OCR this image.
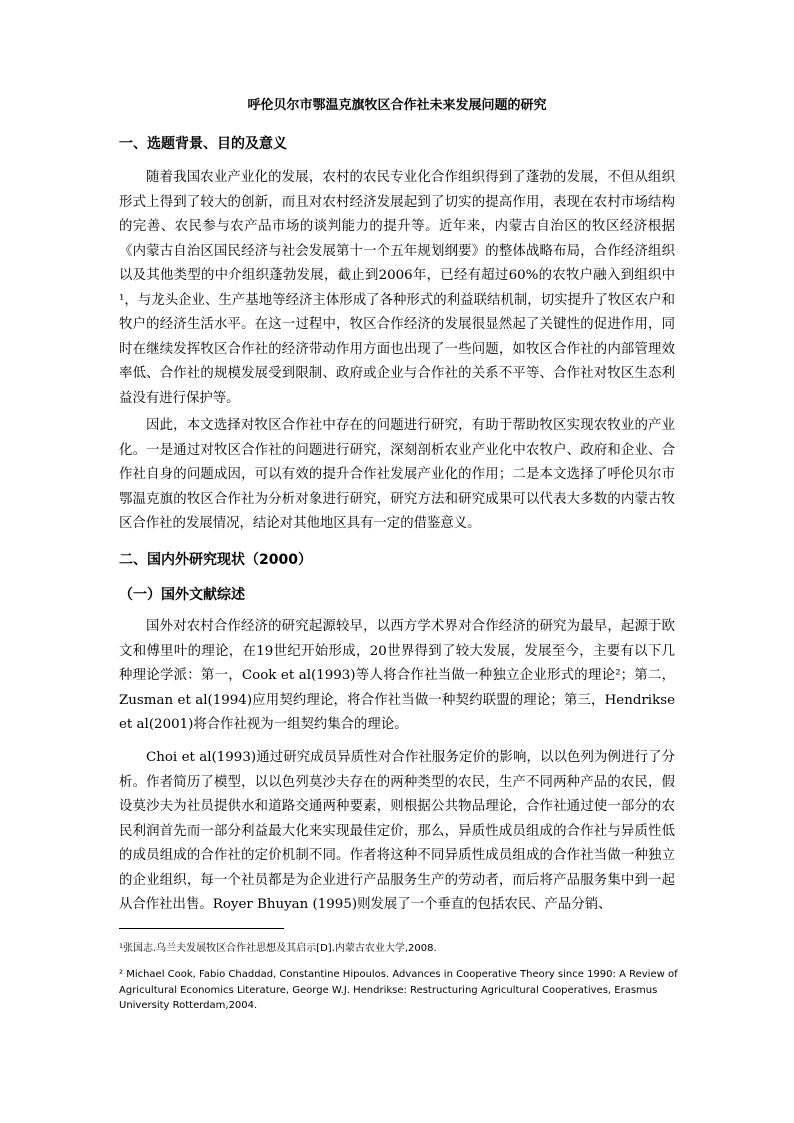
呼伦贝尔市鄂温克旗牧区合作社未来发展问题的研究
一、选题背景、目的及意义

随着我国农业产业化的发展，农村的农民专业化合作组织得到了蓬勃的发展，不但从组织形式上得到了较大的创新，而且对农村经济发展起到了切实的提高作用，表现在农村市场结构的完善、农民参与农产品市场的谈判能力的提升等。近年来，内蒙古自治区的牧区经济根据《内蒙古自治区国民经济与社会发展第十一个五年规划纲要》的整体战略布局，合作经济组织以及其他类型的中介组织蓬勃发展，截止到2006年，已经有超过60%的农牧户融入到组织中¹，与龙头企业、生产基地等经济主体形成了各种形式的利益联结机制，切实提升了牧区农户和牧户的经济生活水平。在这一过程中，牧区合作经济的发展很显然起了关键性的促进作用，同时在继续发挥牧区合作社的经济带动作用方面也出现了一些问题，如牧区合作社的内部管理效率低、合作社的规模发展受到限制、政府或企业与合作社的关系不平等、合作社对牧区生态利益没有进行保护等。

因此，本文选择对牧区合作社中存在的问题进行研究，有助于帮助牧区实现农牧业的产业化。一是通过对牧区合作社的问题进行研究，深刻剖析农业产业化中农牧户、政府和企业、合作社自身的问题成因，可以有效的提升合作社发展产业化的作用；二是本文选择了呼伦贝尔市鄂温克旗的牧区合作社为分析对象进行研究，研究方法和研究成果可以代表大多数的内蒙古牧区合作社的发展情况，结论对其他地区具有一定的借鉴意义。

二、国内外研究现状（2000）
（一）国外文献综述

国外对农村合作经济的研究起源较早，以西方学术界对合作经济的研究为最早，起源于欧文和傅里叶的理论，在19世纪开始形成，20世界得到了较大发展，发展至今，主要有以下几种理论学派：第一，Cook et al(1993)等人将合作社当做一种独立企业形式的理论²；第二，Zusman et al(1994)应用契约理论，将合作社当做一种契约联盟的理论；第三，Hendrikse et al(2001)将合作社视为一组契约集合的理论。

Choi et al(1993)通过研究成员异质性对合作社服务定价的影响，以以色列为例进行了分析。作者简历了模型，以以色列莫沙夫存在的两种类型的农民，生产不同两种产品的农民，假设莫沙夫为社员提供水和道路交通两种要素，则根据公共物品理论，合作社通过使一部分的农民利润首先而一部分利益最大化来实现最佳定价，那么，异质性成员组成的合作社与异质性低的成员组成的合作社的定价机制不同。作者将这种不同异质性成员组成的合作社当做一种独立的企业组织，每一个社员都是为企业进行产品服务生产的劳动者，而后将产品服务集中到一起从合作社出售。Royer Bhuyan (1995)则发展了一个垂直的包括农民、产品分销、

¹张国志.乌兰夫发展牧区合作社思想及其启示[D].内蒙古农业大学,2008.

² Michael Cook, Fabio Chaddad, Constantine Hipoulos. Advances in Cooperative Theory since 1990: A Review of Agricultural Economics Literature, George W.J. Hendrikse: Restructuring Agricultural Cooperatives, Erasmus University Rotterdam,2004.
